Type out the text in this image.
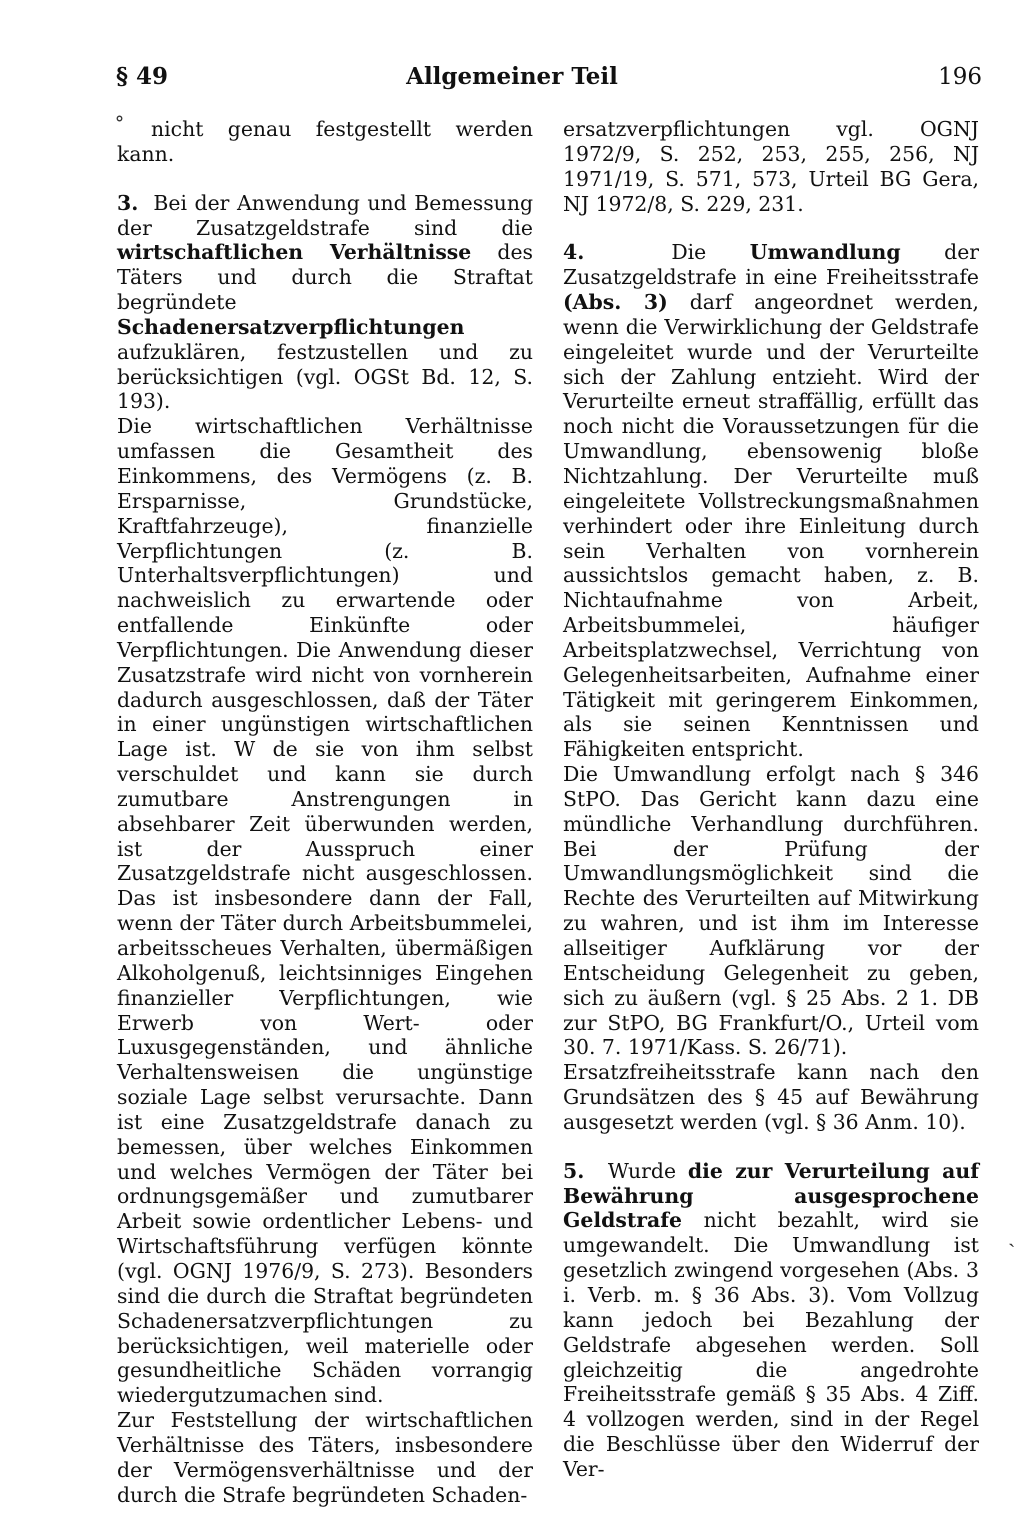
§ 49	Allgemeiner Teil	196
˚	nicht genau festgestellt werden kann.

3. Bei der Anwendung und Bemessung der Zusatzgeldstrafe sind die wirtschaftlichen Verhältnisse des Täters und durch die Straftat begründete Schadenersatzverpflichtungen aufzuklären, festzustellen und zu berücksichtigen (vgl. OGSt Bd. 12, S. 193).

Die wirtschaftlichen Verhältnisse umfassen die Gesamtheit des Einkommens, des Vermögens (z. B. Ersparnisse, Grundstücke, Kraftfahrzeuge), finanzielle Verpflichtungen (z. B. Unterhaltsverpflichtungen) und nachweislich zu erwartende oder entfallende Einkünfte oder Verpflichtungen. Die Anwendung dieser Zusatzstrafe wird nicht von vornherein dadurch ausgeschlossen, daß der Täter in einer ungünstigen wirtschaftlichen Lage ist. W de sie von ihm selbst verschuldet und kann sie durch zumutbare Anstrengungen in absehbarer Zeit überwunden werden, ist der Ausspruch einer Zusatzgeldstrafe nicht ausgeschlossen. Das ist insbesondere dann der Fall, wenn der Täter durch Arbeitsbummelei, arbeitsscheues Verhalten, übermäßigen Alkoholgenuß, leichtsinniges Eingehen finanzieller Verpflichtungen, wie Erwerb von Wert- oder Luxusgegenständen, und ähnliche Verhaltensweisen die ungünstige soziale Lage selbst verursachte. Dann ist eine Zusatzgeldstrafe danach zu bemessen, über welches Einkommen und welches Vermögen der Täter bei ordnungsgemäßer und zumutbarer Arbeit sowie ordentlicher Lebens- und Wirtschaftsführung verfügen könnte (vgl. OGNJ 1976/9, S. 273). Besonders sind die durch die Straftat begründeten Schadenersatzverpflichtungen zu berücksichtigen, weil materielle oder gesundheitliche Schäden vorrangig wiedergutzumachen sind.

Zur Feststellung der wirtschaftlichen Verhältnisse des Täters, insbesondere der Vermögensverhältnisse und der durch die Strafe begründeten Schaden-

ersatzverpflichtungen vgl. OGNJ 1972/9, S. 252, 253, 255, 256, NJ 1971/19, S. 571, 573, Urteil BG Gera, NJ 1972/8, S. 229, 231.

4.	Die Umwandlung der Zusatzgeldstrafe in eine Freiheitsstrafe (Abs. 3) darf angeordnet werden, wenn die Verwirklichung der Geldstrafe eingeleitet wurde und der Verurteilte sich der Zahlung entzieht. Wird der Verurteilte erneut straffällig, erfüllt das noch nicht die Voraussetzungen für die Umwandlung, ebensowenig bloße Nichtzahlung. Der Verurteilte muß eingeleitete Vollstreckungsmaßnahmen verhindert oder ihre Einleitung durch sein Verhalten von vornherein aussichtslos gemacht haben, z. B. Nichtaufnahme von Arbeit, Arbeitsbummelei, häufiger Arbeitsplatzwechsel, Verrichtung von Gelegenheitsarbeiten, Aufnahme einer Tätigkeit mit geringerem Einkommen, als sie seinen Kenntnissen und Fähigkeiten entspricht.

Die Umwandlung erfolgt nach § 346 StPO. Das Gericht kann dazu eine mündliche Verhandlung durchführen. Bei der Prüfung der Umwandlungsmöglichkeit sind die Rechte des Verurteilten auf Mitwirkung zu wahren, und ist ihm im Interesse allseitiger Aufklärung vor der Entscheidung Gelegenheit zu geben, sich zu äußern (vgl. § 25 Abs. 2 1. DB zur StPO, BG Frankfurt/O., Urteil vom 30. 7. 1971/Kass. S. 26/71).

Ersatzfreiheitsstrafe kann nach den Grundsätzen des § 45 auf Bewährung ausgesetzt werden (vgl. § 36 Anm. 10).

5. Wurde die zur Verurteilung auf Bewährung ausgesprochene Geldstrafe nicht bezahlt, wird sie umgewandelt. Die Umwandlung ist gesetzlich zwingend vorgesehen (Abs. 3 i. Verb. m. § 36 Abs. 3). Vom Vollzug kann jedoch bei Bezahlung der Geldstrafe abgesehen werden. Soll gleichzeitig die angedrohte Freiheitsstrafe gemäß § 35 Abs. 4 Ziff. 4 vollzogen werden, sind in der Regel die Beschlüsse über den Widerruf der Ver-

ˏ
